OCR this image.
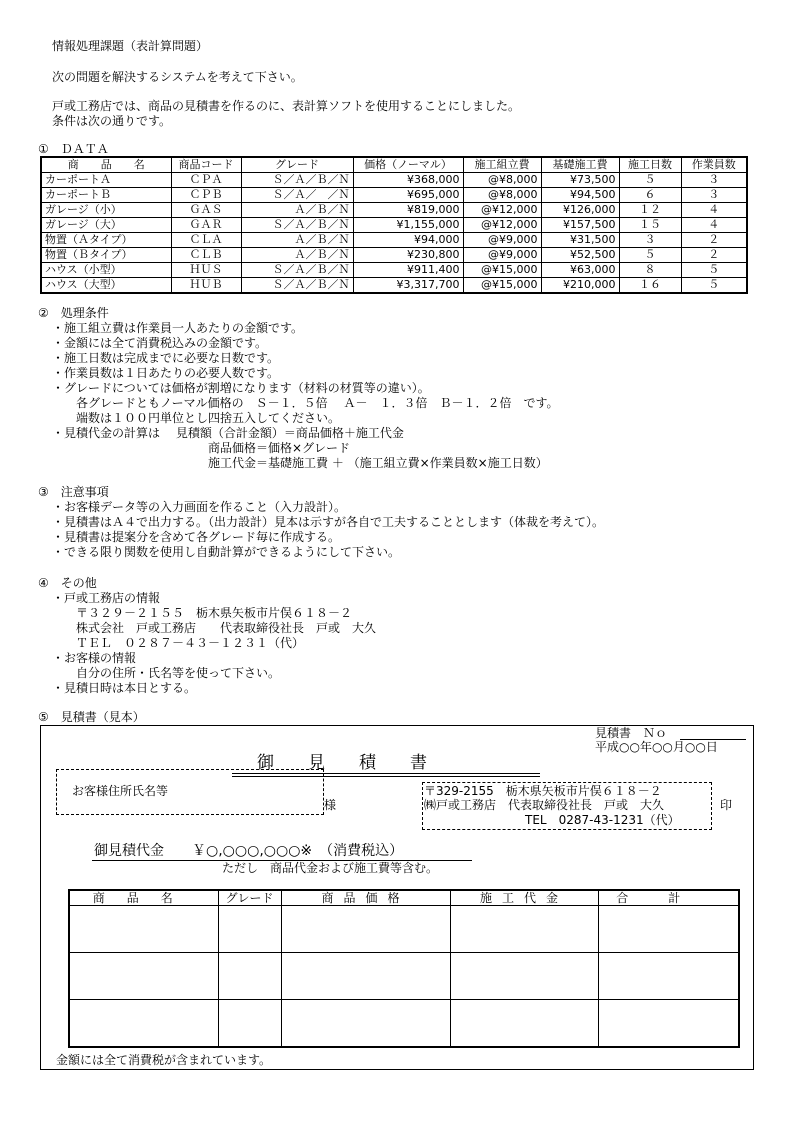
情報処理課題（表計算問題）
次の問題を解決するシステムを考えて下さい。
戸或工務店では、商品の見積書を作るのに、表計算ソフトを使用することにしました。
条件は次の通りです。
①　ＤＡＴＡ
商　　品　　名	商品コード	グレード	価格（ノーマル）	施工組立費	基礎施工費	施工日数	作業員数
カーポートＡ	ＣＰＡ	Ｓ／Ａ／Ｂ／Ｎ	¥368,000	@¥8,000	¥73,500	５	３
カーポートＢ	ＣＰＢ	Ｓ／Ａ／　／Ｎ	¥695,000	@¥8,000	¥94,500	６	３
ガレージ（小）	ＧＡＳ	Ａ／Ｂ／Ｎ	¥819,000	@¥12,000	¥126,000	１２	４
ガレージ（大）	ＧＡＲ	Ｓ／Ａ／Ｂ／Ｎ	¥1,155,000	@¥12,000	¥157,500	１５	４
物置（Ａタイプ）	ＣＬＡ	Ａ／Ｂ／Ｎ	¥94,000	@¥9,000	¥31,500	３	２
物置（Ｂタイプ）	ＣＬＢ	Ａ／Ｂ／Ｎ	¥230,800	@¥9,000	¥52,500	５	２
ハウス（小型）	ＨＵＳ	Ｓ／Ａ／Ｂ／Ｎ	¥911,400	@¥15,000	¥63,000	８	５
ハウス（大型）	ＨＵＢ	Ｓ／Ａ／Ｂ／Ｎ	¥3,317,700	@¥15,000	¥210,000	１６	５
②　処理条件
・施工組立費は作業員一人あたりの金額です。
・金額には全て消費税込みの金額です。
・施工日数は完成までに必要な日数です。
・作業員数は１日あたりの必要人数です。
・グレードについては価格が割増になります（材料の材質等の違い）。
　　各グレードともノーマル価格の　Ｓ－１．５倍　 Ａ－　１．３倍　Ｂ－１．２倍　です。
　　端数は１００円単位とし四捨五入してください。
・見積代金の計算は　 見積額（合計金額）＝商品価格＋施工代金
　　　　　　　　　　　　　商品価格＝価格×グレード
　　　　　　　　　　　　　施工代金＝基礎施工費 ＋ （施工組立費×作業員数×施工日数）
③　注意事項
・お客様データ等の入力画面を作ること（入力設計）。
・見積書はＡ４で出力する。（出力設計）見本は示すが各自で工夫することとします（体裁を考えて）。
・見積書は提案分を含めて各グレード毎に作成する。
・できる限り関数を使用し自動計算ができるようにして下さい。
④　その他
・戸或工務店の情報
　　〒３２９－２１５５　栃木県矢板市片俣６１８－２
　　株式会社　戸或工務店　　代表取締役社長　戸或　大久
　　ＴＥＬ　０２８７－４３－１２３１（代）
・お客様の情報
　　自分の住所・氏名等を使って下さい。
・見積日時は本日とする。
⑤　見積書（見本）
見積書　Ｎｏ
平成○○年○○月○○日
御　　見　　積　　書
お客様住所氏名等
様
〒329-2155　栃木県矢板市片俣６１８－２
㈱戸或工務店　代表取締役社長　戸或　大久	印
TEL　0287-43-1231（代）
御見積代金　　￥○,○○○,○○○※　（消費税込）
ただし　商品代金および施工費等含む。
商品名	グレード	商品価格	施工代金	合計

金額には全て消費税が含まれています。
